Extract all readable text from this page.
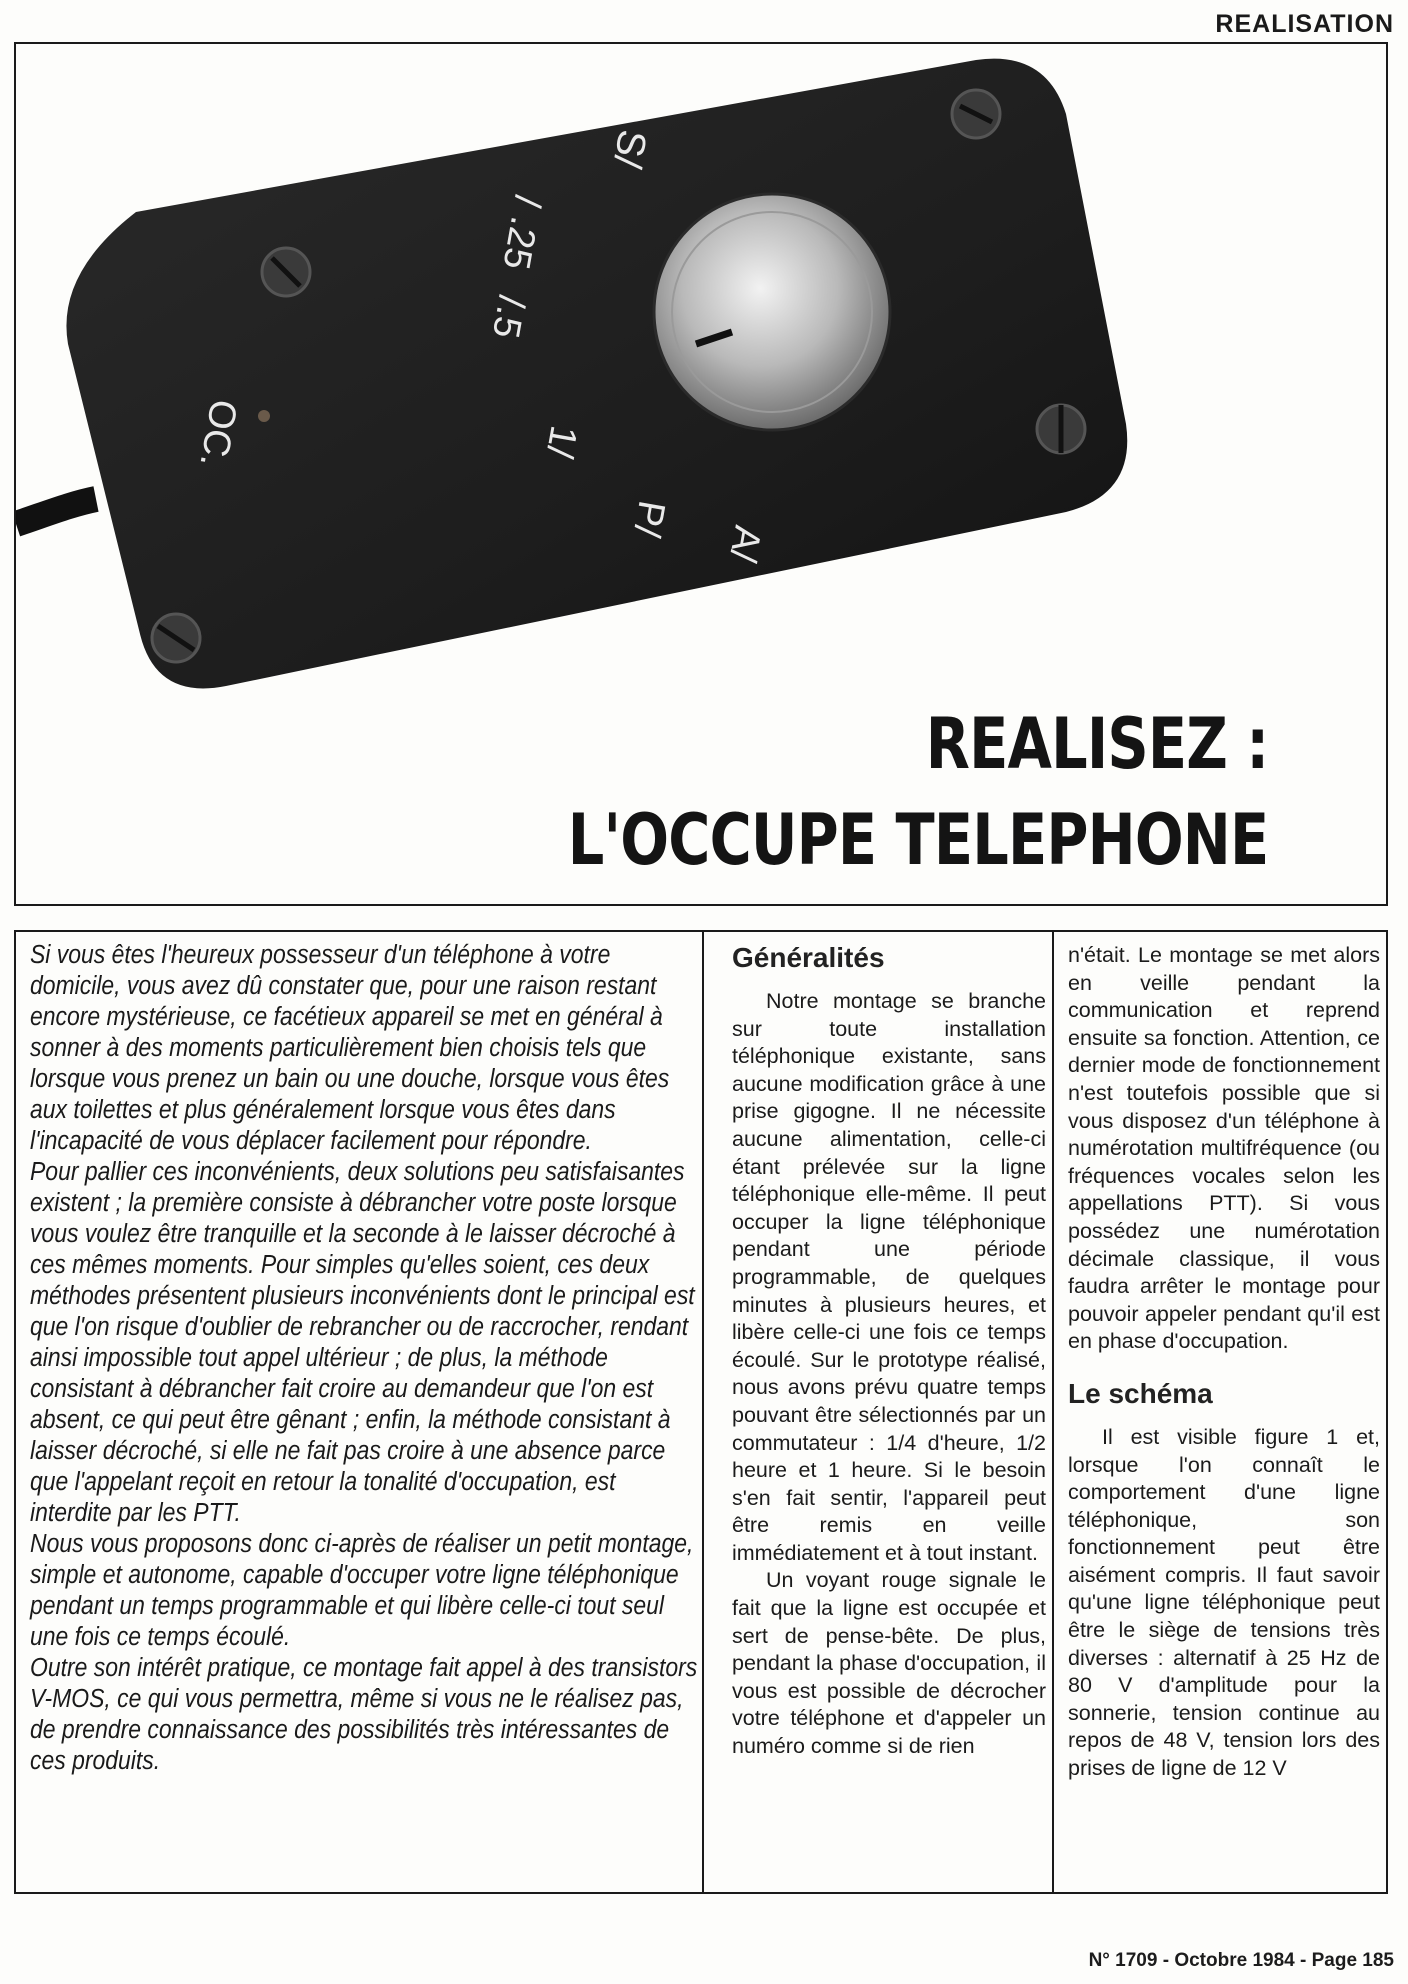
REALISATION
S/
/ .25
/.5
1/
P/
A/
OC.
REALISEZ :
L'OCCUPE TELEPHONE

Si vous êtes l'heureux possesseur d'un téléphone à votre domicile, vous avez dû constater que, pour une raison restant encore mystérieuse, ce facétieux appareil se met en général à sonner à des moments particulièrement bien choisis tels que lorsque vous prenez un bain ou une douche, lorsque vous êtes aux toilettes et plus généralement lorsque vous êtes dans l'incapacité de vous déplacer facilement pour répondre.

Pour pallier ces inconvénients, deux solutions peu satisfaisantes existent ; la première consiste à débrancher votre poste lorsque vous voulez être tranquille et la seconde à le laisser décroché à ces mêmes moments. Pour simples qu'elles soient, ces deux méthodes présentent plusieurs inconvénients dont le principal est que l'on risque d'oublier de rebrancher ou de raccrocher, rendant ainsi impossible tout appel ultérieur ; de plus, la méthode consistant à débrancher fait croire au demandeur que l'on est absent, ce qui peut être gênant ; enfin, la méthode consistant à laisser décroché, si elle ne fait pas croire à une absence parce que l'appelant reçoit en retour la tonalité d'occupation, est interdite par les PTT.

Nous vous proposons donc ci-après de réaliser un petit montage, simple et autonome, capable d'occuper votre ligne téléphonique pendant un temps programmable et qui libère celle-ci tout seul une fois ce temps écoulé.

Outre son intérêt pratique, ce montage fait appel à des transistors V-MOS, ce qui vous permettra, même si vous ne le réalisez pas, de prendre connaissance des possibilités très intéressantes de ces produits.

Généralités

Notre montage se branche sur toute installation téléphonique existante, sans aucune modification grâce à une prise gigogne. Il ne nécessite aucune alimentation, celle-ci étant prélevée sur la ligne téléphonique elle-même. Il peut occuper la ligne téléphonique pendant une période programmable, de quelques minutes à plusieurs heures, et libère celle-ci une fois ce temps écoulé. Sur le prototype réalisé, nous avons prévu quatre temps pouvant être sélectionnés par un commutateur : 1/4 d'heure, 1/2 heure et 1 heure. Si le besoin s'en fait sentir, l'appareil peut être remis en veille immédiatement et à tout instant.

Un voyant rouge signale le fait que la ligne est occupée et sert de pense-bête. De plus, pendant la phase d'occupation, il vous est possible de décrocher votre téléphone et d'appeler un numéro comme si de rien

n'était. Le montage se met alors en veille pendant la communication et reprend ensuite sa fonction. Attention, ce dernier mode de fonctionnement n'est toutefois possible que si vous disposez d'un téléphone à numérotation multifréquence (ou fréquences vocales selon les appellations PTT). Si vous possédez une numérotation décimale classique, il vous faudra arrêter le montage pour pouvoir appeler pendant qu'il est en phase d'occupation.

Le schéma

Il est visible figure 1 et, lorsque l'on connaît le comportement d'une ligne téléphonique, son fonctionnement peut être aisément compris. Il faut savoir qu'une ligne téléphonique peut être le siège de tensions très diverses : alternatif à 25 Hz de 80 V d'amplitude pour la sonnerie, tension continue au repos de 48 V, tension lors des prises de ligne de 12 V

N° 1709 - Octobre 1984 - Page 185
